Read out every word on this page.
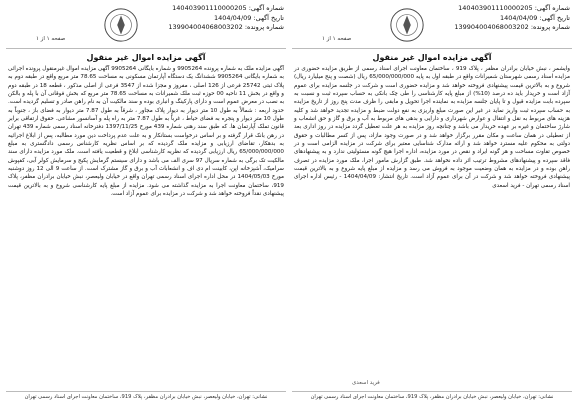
شماره آگهی: 140403901110000205
تاریخ آگهی: 1404/04/09
شماره پرونده: 139904004068003202
صفحه ۱ از ۱
آگهی مزایده اموال غیر منقول
وایشمر ، نبش خیابان برادران مظفر ، پلاک 919 ، ساختمان معاونت اجرای اسناد رسمی از طریق مزایده حضوری در مزایده اسناد رسمی شهرستان شمیرانات واقع در طبقه اول به پایه 65/000/000/000 ریال (شصت و پنج میلیارد ریال) شروع و به بالاترین قیمت پیشنهادی فروخته خواهد شد و مزایده حضوری است و شرکت در جلسه مزایده برای عموم آزاد است و خریدار باید ده درصد (10%) از مبلغ پایه کارشناسی را طی چک بانکی به حساب سپرده ثبت و نسبت به سپرده بابت مزایده قبول و تا پایان جلسه مزایده به نماینده اجرا تحویل و مابقی را ظرف مدت پنج روز از تاریخ مزایده به حساب سپرده ثبت واریز نماید در غیر این صورت مبلغ واریزی به نفع دولت ضبط و مزایده تجدید خواهد شد و کلیه هزینه های مربوط به نقل و انتقال و عوارض شهرداری و دارایی و بدهی های مربوط به آب و برق و گاز و حق انشعاب و شارژ ساختمان و غیره بر عهده خریدار می باشد و چنانچه روز مزایده به هر علت تعطیل گردد مزایده در روز اداری بعد از تعطیلی در همان ساعت و مکان مقرر برگزار خواهد شد و در صورت وجود مازاد، پس از کسر مطالبات و حقوق دولتی به محکوم علیه مسترد خواهد شد و ارائه مدارک شناسایی معتبر برای شرکت در مزایده الزامی است و در خصوص تفاوت مساحت و هر گونه ایراد و نقص در مورد مزایده، اداره اجرا هیچ گونه مسئولیتی ندارد و به پیشنهادهای فاقد سپرده و پیشنهادهای مشروط ترتیب اثر داده نخواهد شد. طبق گزارش مامور اجرا، ملک مورد مزایده در تصرف راهن بوده و در مزایده به همان وضعیت موجود به فروش می رسد و مزایده از مبلغ پایه شروع و به بالاترین قیمت پیشنهادی فروخته خواهد شد و شرکت در آن برای عموم آزاد است. تاریخ انتشار: 1404/04/09 - رئیس اداره اجرای اسناد رسمی تهران - فرید اسعدی
فرید اسعدی
نشانی: تهران، خیابان ولیعصر، نبش خیابان برادران مظفر، پلاک 919، ساختمان معاونت اجرای اسناد رسمی تهران
شماره آگهی: 140403901110000205
تاریخ آگهی: 1404/04/09
شماره پرونده: 139904004068003202
صفحه ۱ از ۱
آگهی مزایده اموال غیر منقول
آگهی مزایده ملک به شماره پرونده 9905264 و شماره بایگانی 9905264 آگهی مزایده اموال غیرمنقول پرونده اجرائی به شماره بایگانی 9905264 ششدانگ یک دستگاه آپارتمان مسکونی به مساحت 78.65 متر مربع واقع در طبقه دوم به پلاک ثبتی 25742 فرعی از 126 اصلی ، مفروز و مجزا شده از 3547 فرعی از اصلی مذکور ، قطعه 18 در طبقه دوم و واقع در بخش 11 ناحیه 00 حوزه ثبت ملک شمیرانات به مساحت 78.65 متر مربع که بخش فوقانی آن با پله و بالکن به نصب در معرض عموم است و دارای پارکینگ و انباری بوده و سند مالکیت آن به نام راهن صادر و تسلیم گردیده است. حدود اربعه : شمالاً به طول 10 متر دیوار به دیوار پلاک مجاور ، شرقاً به طول 7.87 متر دیوار به فضای باز ، جنوباً به طول 10 متر دیوار و پنجره به فضای حیاط ، غرباً به طول 7.87 متر به راه پله و آسانسور مشاعی. حقوق ارتفاقی برابر قانون تملک آپارتمان ها. که طبق سند رهنی شماره 439 مورخ 1397/11/25 دفترخانه اسناد رسمی شماره 439 تهران در رهن بانک قرار گرفته و بر اساس درخواست بستانکار و به علت عدم پرداخت دین مورد مطالبه، پس از ابلاغ اجرائیه به بدهکار، تقاضای ارزیابی و مزایده ملک گردیده که بر اساس نظریه کارشناس رسمی دادگستری به مبلغ 65/000/000/000 ریال ارزیابی گردیده که نظریه کارشناسی ابلاغ و قطعیت یافته است. ملک مورد مزایده دارای سند مالکیت تک برگی به شماره سریال 97 سری الف می باشد و دارای سیستم گرمایش پکیج و سرمایش کولر آبی، کفپوش سرامیک، آشپزخانه اپن، کابینت ام دی اف و انشعابات آب و برق و گاز مشترک است. از ساعت 9 الی 12 روز دوشنبه مورخ 1404/05/03 در محل اداره اجرای اسناد رسمی تهران واقع در خیابان ولیعصر، نبش خیابان برادران مظفر، پلاک 919، ساختمان معاونت اجرا به مزایده گذاشته می شود. مزایده از مبلغ پایه کارشناسی شروع و به بالاترین قیمت پیشنهادی نقداً فروخته خواهد شد و شرکت در مزایده برای عموم آزاد است.
نشانی: تهران، خیابان ولیعصر، نبش خیابان برادران مظفر، پلاک 919، ساختمان معاونت اجرای اسناد رسمی تهران
